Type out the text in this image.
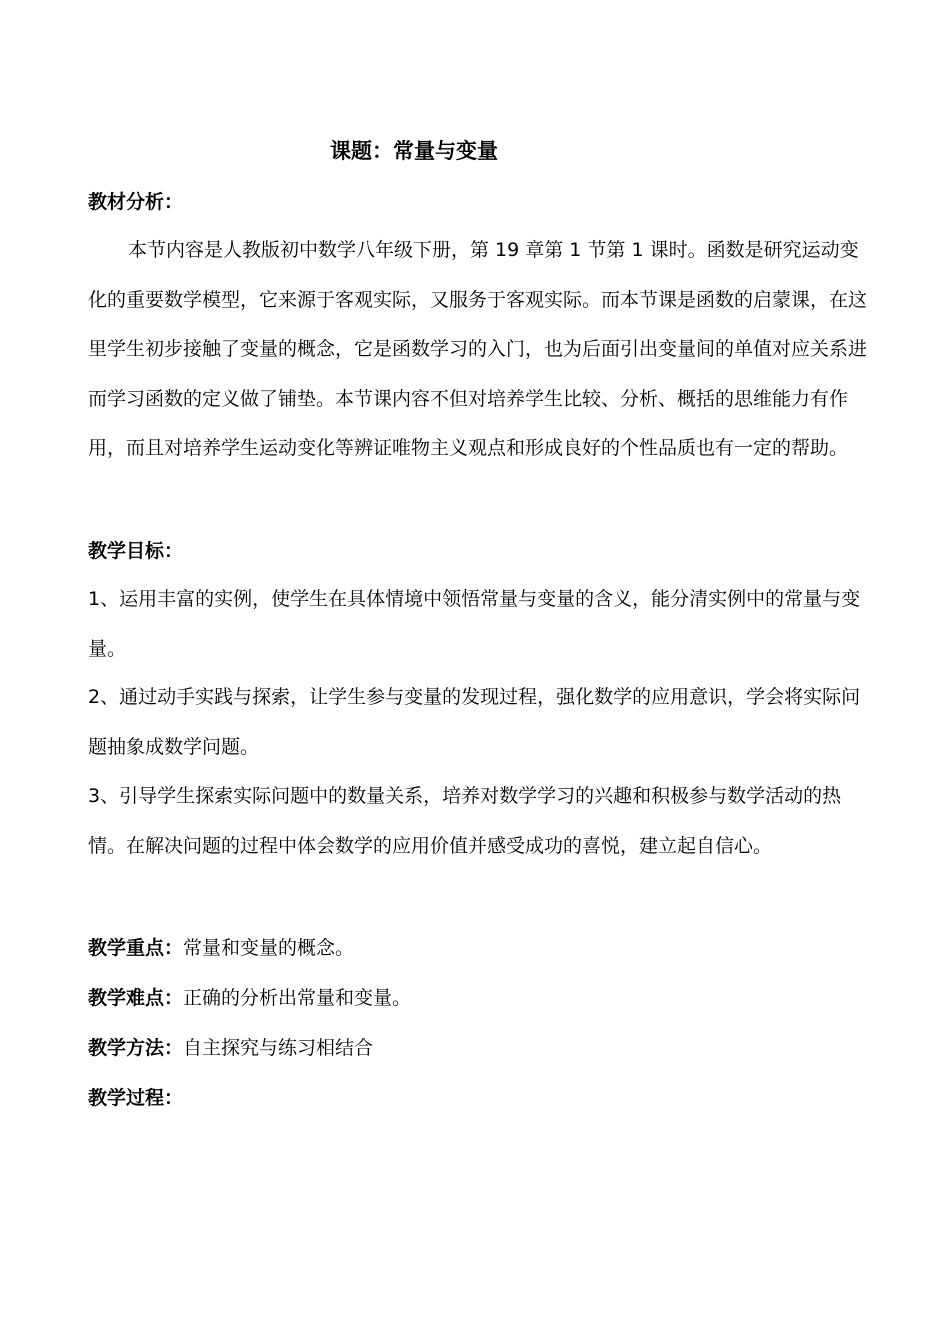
课题：常量与变量
教材分析：

本节内容是人教版初中数学八年级下册，第 19 章第 1 节第 1 课时。函数是研究运动变化的重要数学模型，它来源于客观实际，又服务于客观实际。而本节课是函数的启蒙课，在这里学生初步接触了变量的概念，它是函数学习的入门，也为后面引出变量间的单值对应关系进而学习函数的定义做了铺垫。本节课内容不但对培养学生比较、分析、概括的思维能力有作用，而且对培养学生运动变化等辨证唯物主义观点和形成良好的个性品质也有一定的帮助。

教学目标：

1、运用丰富的实例，使学生在具体情境中领悟常量与变量的含义，能分清实例中的常量与变量。

2、通过动手实践与探索，让学生参与变量的发现过程，强化数学的应用意识，学会将实际问题抽象成数学问题。

3、引导学生探索实际问题中的数量关系，培养对数学学习的兴趣和积极参与数学活动的热情。在解决问题的过程中体会数学的应用价值并感受成功的喜悦，建立起自信心。

教学重点：常量和变量的概念。
教学难点：正确的分析出常量和变量。
教学方法：自主探究与练习相结合
教学过程：
